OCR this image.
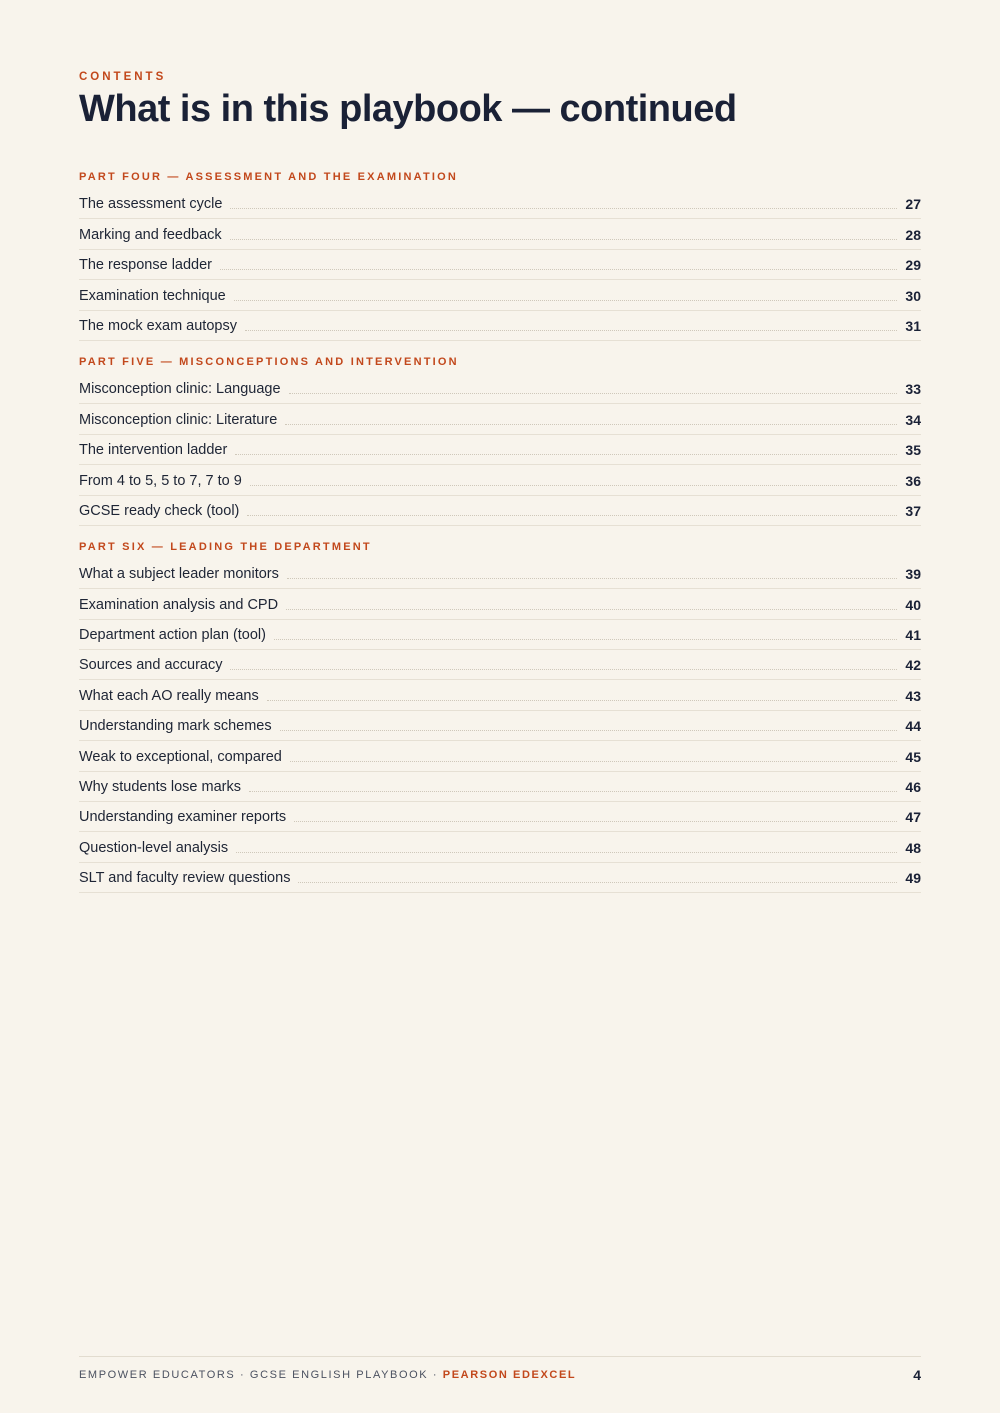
CONTENTS
What is in this playbook — continued
PART FOUR — ASSESSMENT AND THE EXAMINATION
The assessment cycle	27
Marking and feedback	28
The response ladder	29
Examination technique	30
The mock exam autopsy	31
PART FIVE — MISCONCEPTIONS AND INTERVENTION
Misconception clinic: Language	33
Misconception clinic: Literature	34
The intervention ladder	35
From 4 to 5, 5 to 7, 7 to 9	36
GCSE ready check (tool)	37
PART SIX — LEADING THE DEPARTMENT
What a subject leader monitors	39
Examination analysis and CPD	40
Department action plan (tool)	41
Sources and accuracy	42
What each AO really means	43
Understanding mark schemes	44
Weak to exceptional, compared	45
Why students lose marks	46
Understanding examiner reports	47
Question-level analysis	48
SLT and faculty review questions	49
EMPOWER EDUCATORS · GCSE ENGLISH PLAYBOOK · PEARSON EDEXCEL	4
